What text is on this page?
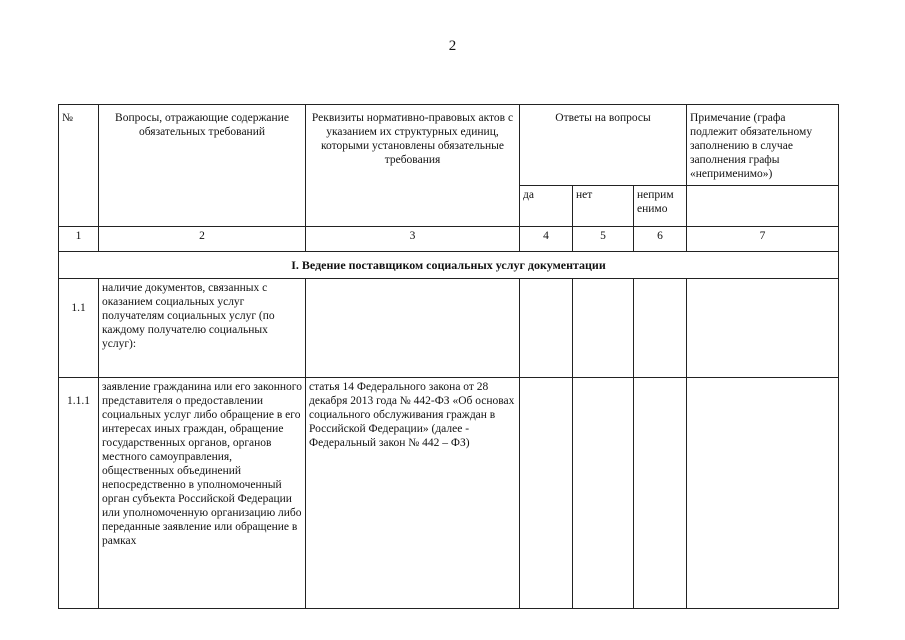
2
№	Вопросы, отражающие содержание обязательных требований	Реквизиты нормативно-правовых актов с указанием их структурных единиц, которыми установлены обязательные требования	Ответы на вопросы			Примечание (графа подлежит обязательному заполнению в случае заполнения графы «неприменимо»)
			да	нет	неприм енимо	
1	2	3	4	5	6	7
I. Ведение поставщиком социальных услуг документации						
1.1	наличие документов, связанных с оказанием социальных услуг получателям социальных услуг (по каждому получателю социальных услуг):					
1.1.1	заявление гражданина или его законного представителя о предоставлении социальных услуг либо обращение в его интересах иных граждан, обращение государственных органов, органов местного самоуправления, общественных объединений непосредственно в уполномоченный орган субъекта Российской Федерации или уполномоченную организацию либо переданные заявление или обращение в рамках	статья 14 Федерального закона от 28 декабря 2013 года № 442-ФЗ «Об основах социального обслуживания граждан в Российской Федерации» (далее - Федеральный закон № 442 – ФЗ)				
